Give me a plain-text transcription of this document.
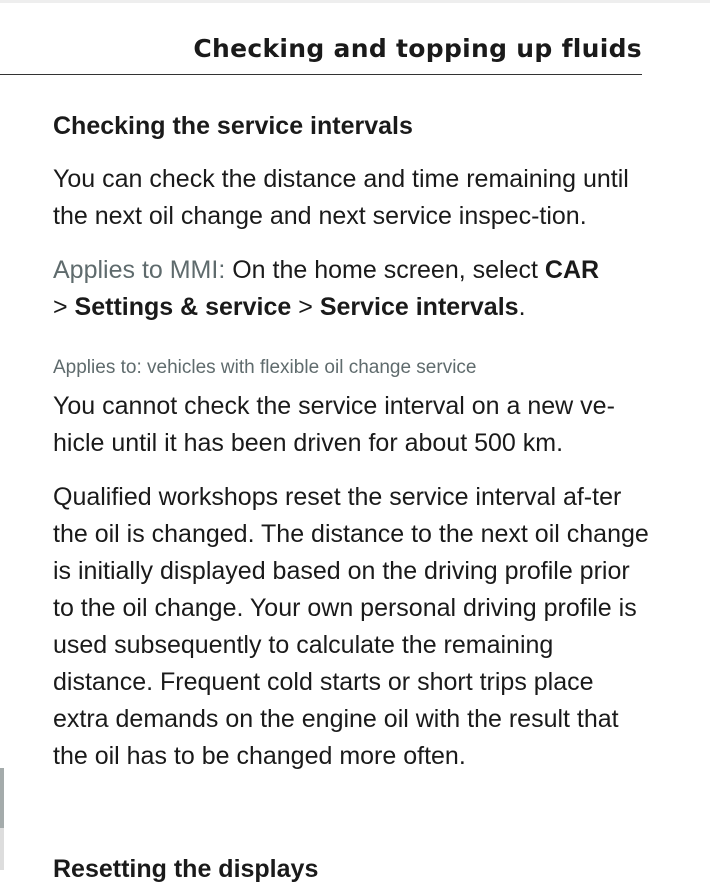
Checking and topping up fluids
Checking the service intervals

You can check the distance and time remaining until the next oil change and next service inspec-tion.

Applies to MMI: On the home screen, select CAR
> Settings & service > Service intervals.

Applies to: vehicles with flexible oil change service

You cannot check the service interval on a new ve-hicle until it has been driven for about 500 km.

Qualified workshops reset the service interval af-ter the oil is changed. The distance to the next oil change is initially displayed based on the driving profile prior to the oil change. Your own personal driving profile is used subsequently to calculate the remaining distance. Frequent cold starts or short trips place extra demands on the engine oil with the result that the oil has to be changed more often.

Resetting the displays
